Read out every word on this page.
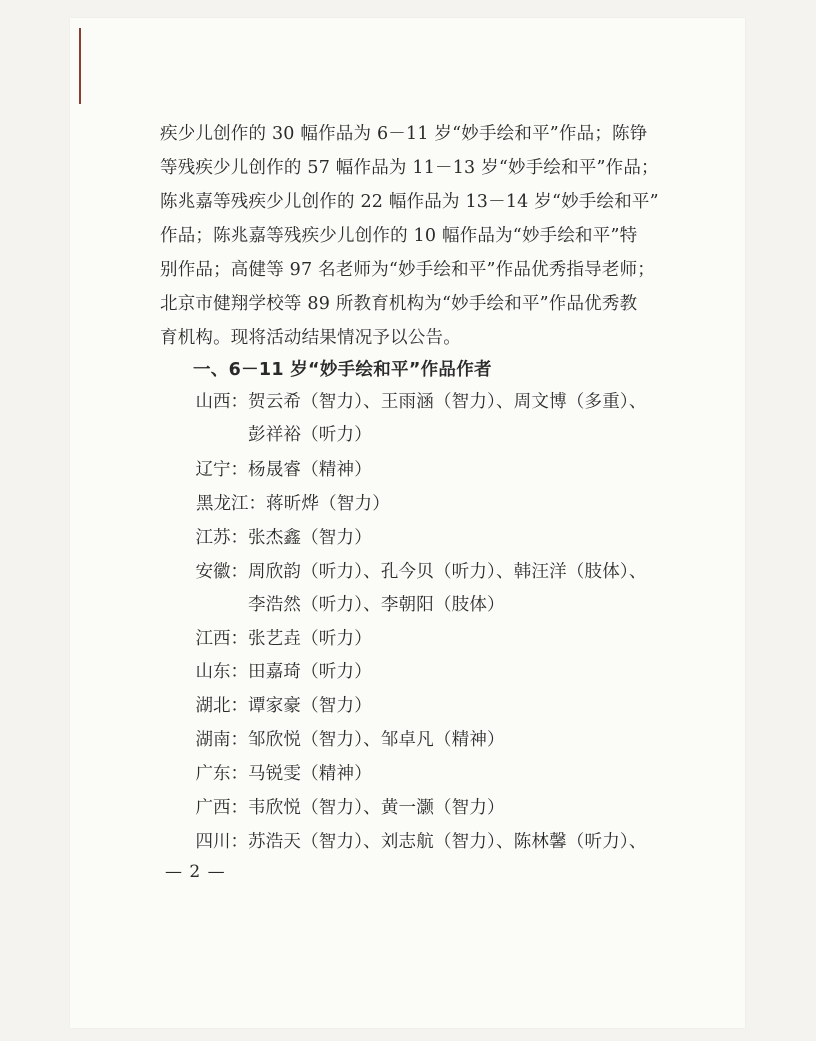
疾少儿创作的 30 幅作品为 6－11 岁“妙手绘和平”作品；陈铮
等残疾少儿创作的 57 幅作品为 11－13 岁“妙手绘和平”作品；
陈兆嘉等残疾少儿创作的 22 幅作品为 13－14 岁“妙手绘和平”
作品；陈兆嘉等残疾少儿创作的 10 幅作品为“妙手绘和平”特
别作品；高健等 97 名老师为“妙手绘和平”作品优秀指导老师；
北京市健翔学校等 89 所教育机构为“妙手绘和平”作品优秀教
育机构。现将活动结果情况予以公告。
一、6－11 岁“妙手绘和平”作品作者
山西： 贺云希（智力）、王雨涵（智力）、周文博（多重）、
彭祥裕（听力）
辽宁： 杨晟睿（精神）
黑龙江： 蒋昕烨（智力）
江苏： 张杰鑫（智力）
安徽： 周欣韵（听力）、孔今贝（听力）、韩汪洋（肢体）、
李浩然（听力）、李朝阳（肢体）
江西： 张艺垚（听力）
山东： 田嘉琦（听力）
湖北： 谭家豪（智力）
湖南： 邹欣悦（智力）、邹卓凡（精神）
广东： 马锐雯（精神）
广西： 韦欣悦（智力）、黄一灏（智力）
四川： 苏浩天（智力）、刘志航（智力）、陈林馨（听力）、
— 2 —
